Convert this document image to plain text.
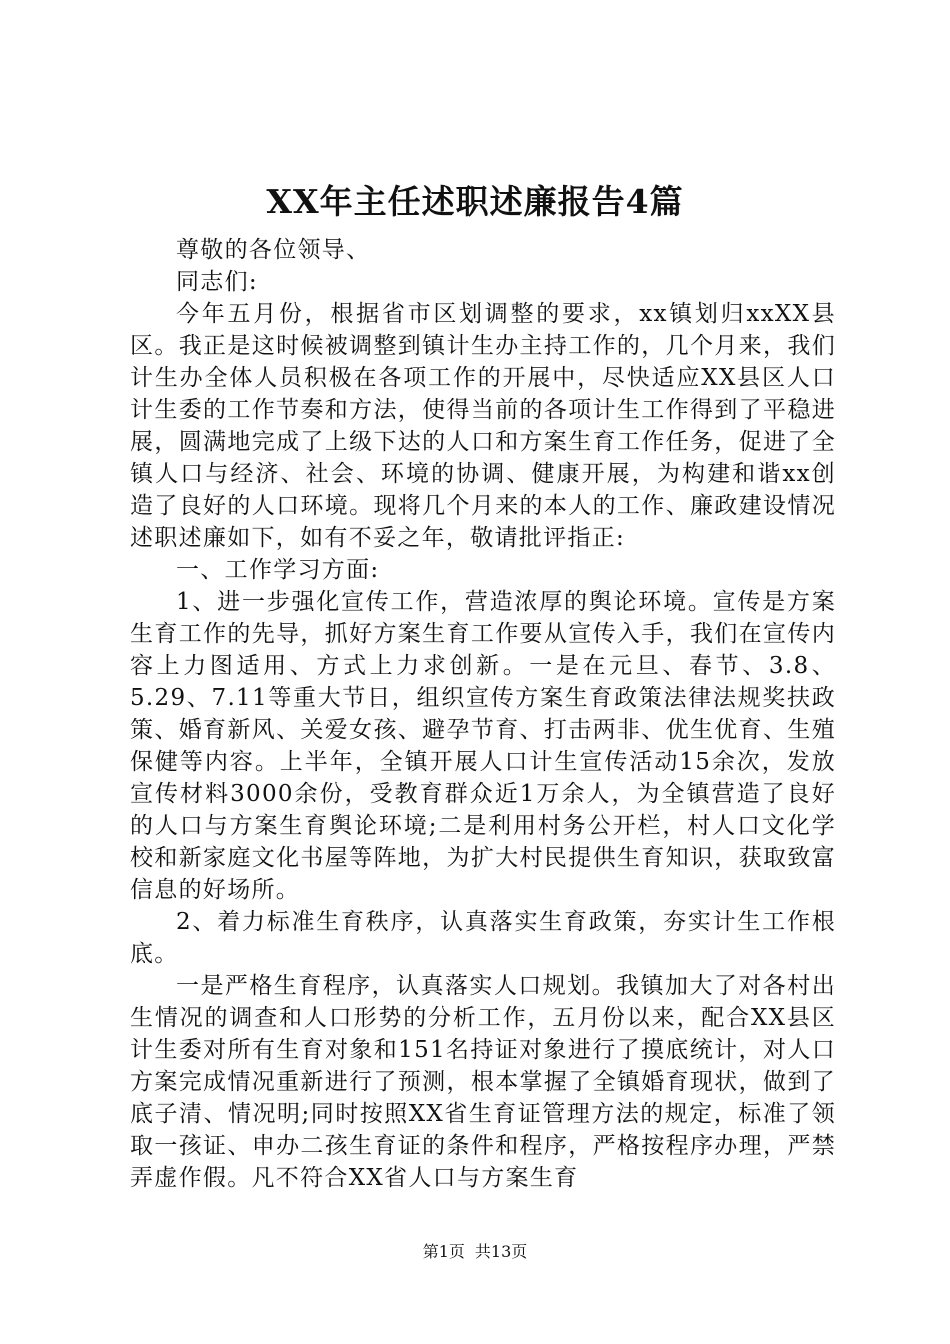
XX年主任述职述廉报告4篇

尊敬的各位领导、

同志们:

今年五月份，根据省市区划调整的要求，xx镇划归xxXX县区。我正是这时候被调整到镇计生办主持工作的，几个月来，我们计生办全体人员积极在各项工作的开展中，尽快适应XX县区人口计生委的工作节奏和方法，使得当前的各项计生工作得到了平稳进展，圆满地完成了上级下达的人口和方案生育工作任务，促进了全镇人口与经济、社会、环境的协调、健康开展，为构建和谐xx创造了良好的人口环境。现将几个月来的本人的工作、廉政建设情况述职述廉如下，如有不妥之年，敬请批评指正:

一、工作学习方面:

1、进一步强化宣传工作，营造浓厚的舆论环境。宣传是方案生育工作的先导，抓好方案生育工作要从宣传入手，我们在宣传内容上力图适用、方式上力求创新。一是在元旦、春节、3.8、5.29、7.11等重大节日，组织宣传方案生育政策法律法规奖扶政策、婚育新风、关爱女孩、避孕节育、打击两非、优生优育、生殖保健等内容。上半年，全镇开展人口计生宣传活动15余次，发放宣传材料3000余份，受教育群众近1万余人，为全镇营造了良好的人口与方案生育舆论环境;二是利用村务公开栏，村人口文化学校和新家庭文化书屋等阵地，为扩大村民提供生育知识，获取致富信息的好场所。

2、着力标准生育秩序，认真落实生育政策，夯实计生工作根底。

一是严格生育程序，认真落实人口规划。我镇加大了对各村出生情况的调查和人口形势的分析工作，五月份以来，配合XX县区计生委对所有生育对象和151名持证对象进行了摸底统计，对人口方案完成情况重新进行了预测，根本掌握了全镇婚育现状，做到了底子清、情况明;同时按照XX省生育证管理方法的规定，标准了领取一孩证、申办二孩生育证的条件和程序，严格按程序办理，严禁弄虚作假。凡不符合XX省人口与方案生育

第1页 共13页
